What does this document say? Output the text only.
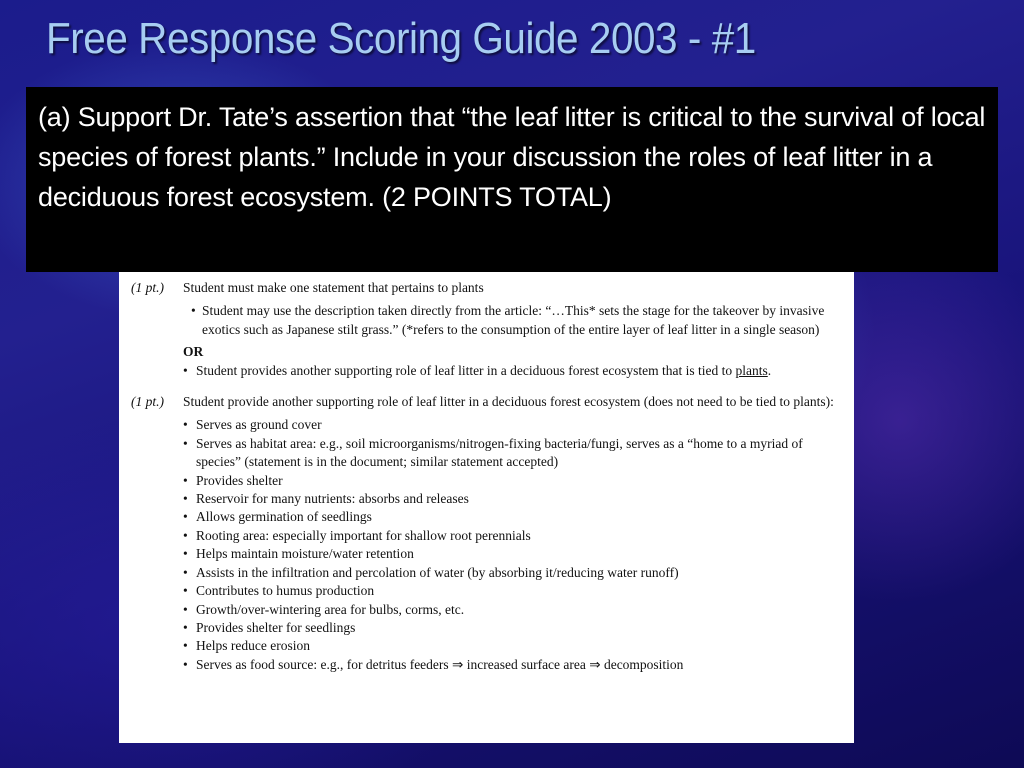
Free Response Scoring Guide 2003 - #1

(a) Support Dr. Tate’s assertion that “the leaf litter is critical to the survival of local species of forest plants.” Include in your discussion the roles of leaf litter in a deciduous forest ecosystem. (2 POINTS TOTAL)

(1 pt.)	Student must make one statement that pertains to plants
• Student may use the description taken directly from the article: “…This* sets the stage for the takeover by invasive exotics such as Japanese stilt grass.” (*refers to the consumption of the entire layer of leaf litter in a single season)
OR
• Student provides another supporting role of leaf litter in a deciduous forest ecosystem that is tied to plants.
(1 pt.)	Student provide another supporting role of leaf litter in a deciduous forest ecosystem (does not need to be tied to plants):
• Serves as ground cover
• Serves as habitat area: e.g., soil microorganisms/nitrogen-fixing bacteria/fungi, serves as a “home to a myriad of species” (statement is in the document; similar statement accepted)
• Provides shelter
• Reservoir for many nutrients: absorbs and releases
• Allows germination of seedlings
• Rooting area: especially important for shallow root perennials
• Helps maintain moisture/water retention
• Assists in the infiltration and percolation of water (by absorbing it/reducing water runoff)
• Contributes to humus production
• Growth/over-wintering area for bulbs, corms, etc.
• Provides shelter for seedlings
• Helps reduce erosion
• Serves as food source: e.g., for detritus feeders ⇒ increased surface area ⇒ decomposition
